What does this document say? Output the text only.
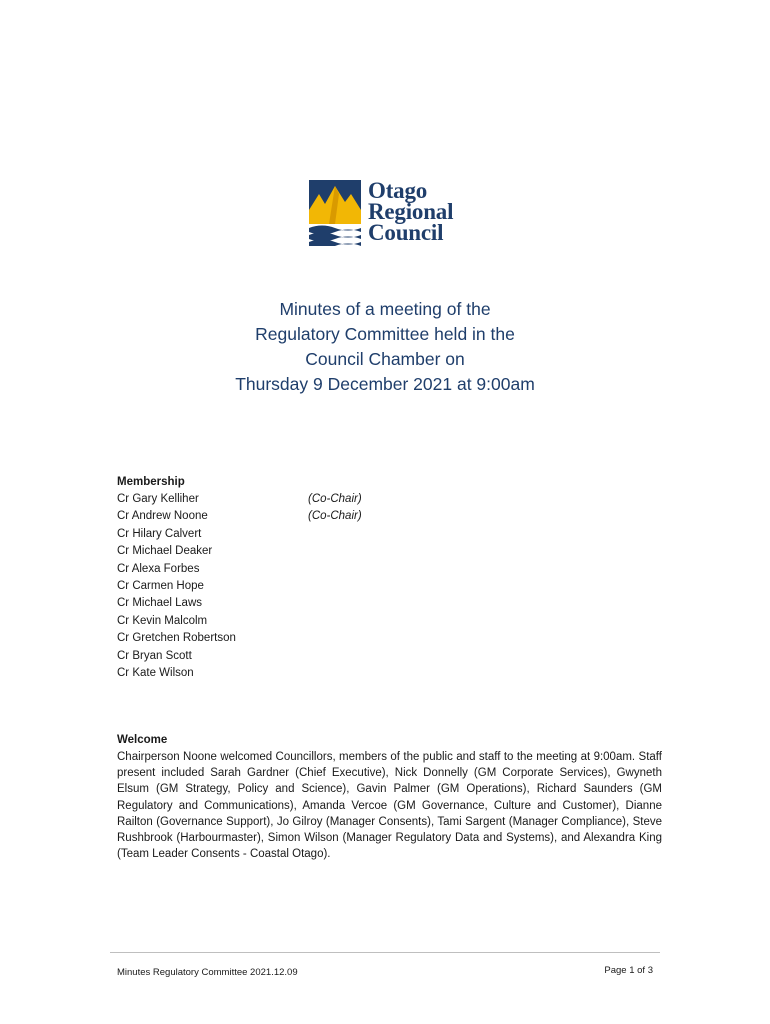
Otago
Regional
Council
Minutes of a meeting of the
Regulatory Committee held in the
Council Chamber on
Thursday 9 December 2021 at 9:00am
Membership
Cr Gary Kelliher	(Co-Chair)
Cr Andrew Noone	(Co-Chair)
Cr Hilary Calvert
Cr Michael Deaker
Cr Alexa Forbes
Cr Carmen Hope
Cr Michael Laws
Cr Kevin Malcolm
Cr Gretchen Robertson
Cr Bryan Scott
Cr Kate Wilson
Welcome
Chairperson Noone welcomed Councillors, members of the public and staff to the meeting at 9:00am. Staff present included Sarah Gardner (Chief Executive), Nick Donnelly (GM Corporate Services), Gwyneth Elsum (GM Strategy, Policy and Science), Gavin Palmer (GM Operations), Richard Saunders (GM Regulatory and Communications), Amanda Vercoe (GM Governance, Culture and Customer), Dianne Railton (Governance Support), Jo Gilroy (Manager Consents), Tami Sargent (Manager Compliance), Steve Rushbrook (Harbourmaster), Simon Wilson (Manager Regulatory Data and Systems), and Alexandra King (Team Leader Consents - Coastal Otago).
Minutes Regulatory Committee 2021.12.09	Page 1 of 3
